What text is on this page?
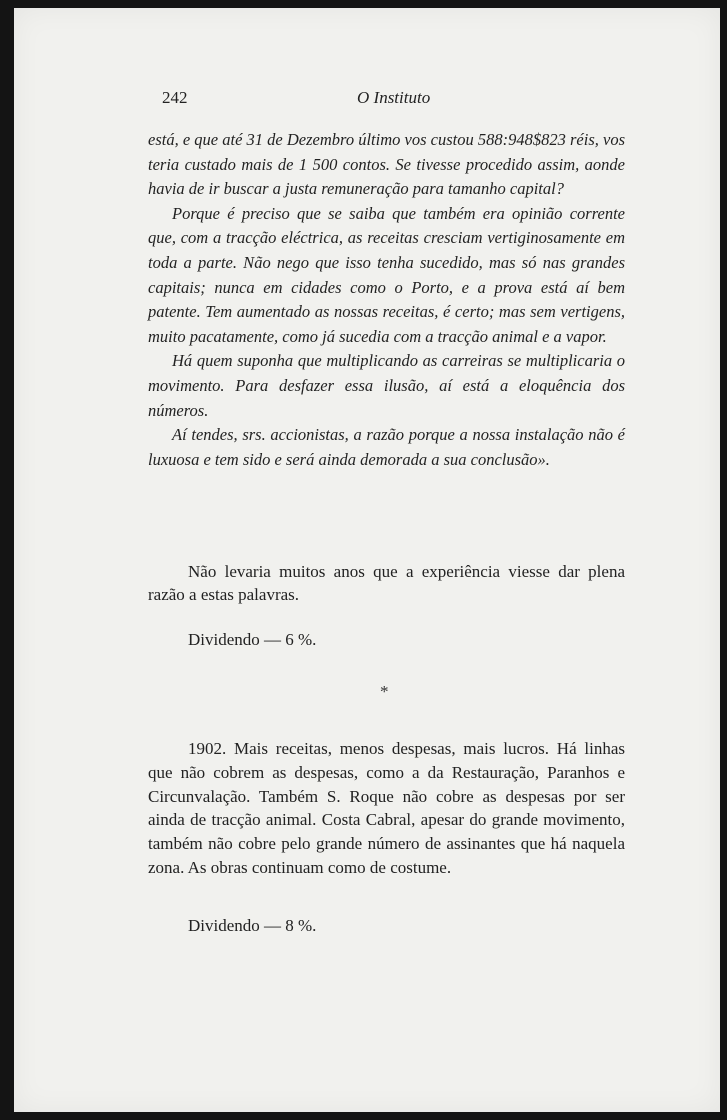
242	O Instituto

está, e que até 31 de Dezembro último vos custou 588:948$823 réis, vos teria custado mais de 1 500 contos. Se tivesse procedido assim, aonde havia de ir buscar a justa remuneração para tamanho capital?

Porque é preciso que se saiba que também era opinião corrente que, com a tracção eléctrica, as receitas cresciam vertiginosamente em toda a parte. Não nego que isso tenha sucedido, mas só nas grandes capitais; nunca em cidades como o Porto, e a prova está aí bem patente. Tem aumentado as nossas receitas, é certo; mas sem vertigens, muito pacatamente, como já sucedia com a tracção animal e a vapor.

Há quem suponha que multiplicando as carreiras se multiplicaria o movimento. Para desfazer essa ilusão, aí está a eloquência dos números.

Aí tendes, srs. accionistas, a razão porque a nossa instalação não é luxuosa e tem sido e será ainda demorada a sua conclusão».

Não levaria muitos anos que a experiência viesse dar plena razão a estas palavras.

Dividendo — 6 %.

*

1902. Mais receitas, menos despesas, mais lucros. Há linhas que não cobrem as despesas, como a da Restauração, Paranhos e Circunvalação. Também S. Roque não cobre as despesas por ser ainda de tracção animal. Costa Cabral, apesar do grande movimento, também não cobre pelo grande número de assinantes que há naquela zona. As obras continuam como de costume.

Dividendo — 8 %.
